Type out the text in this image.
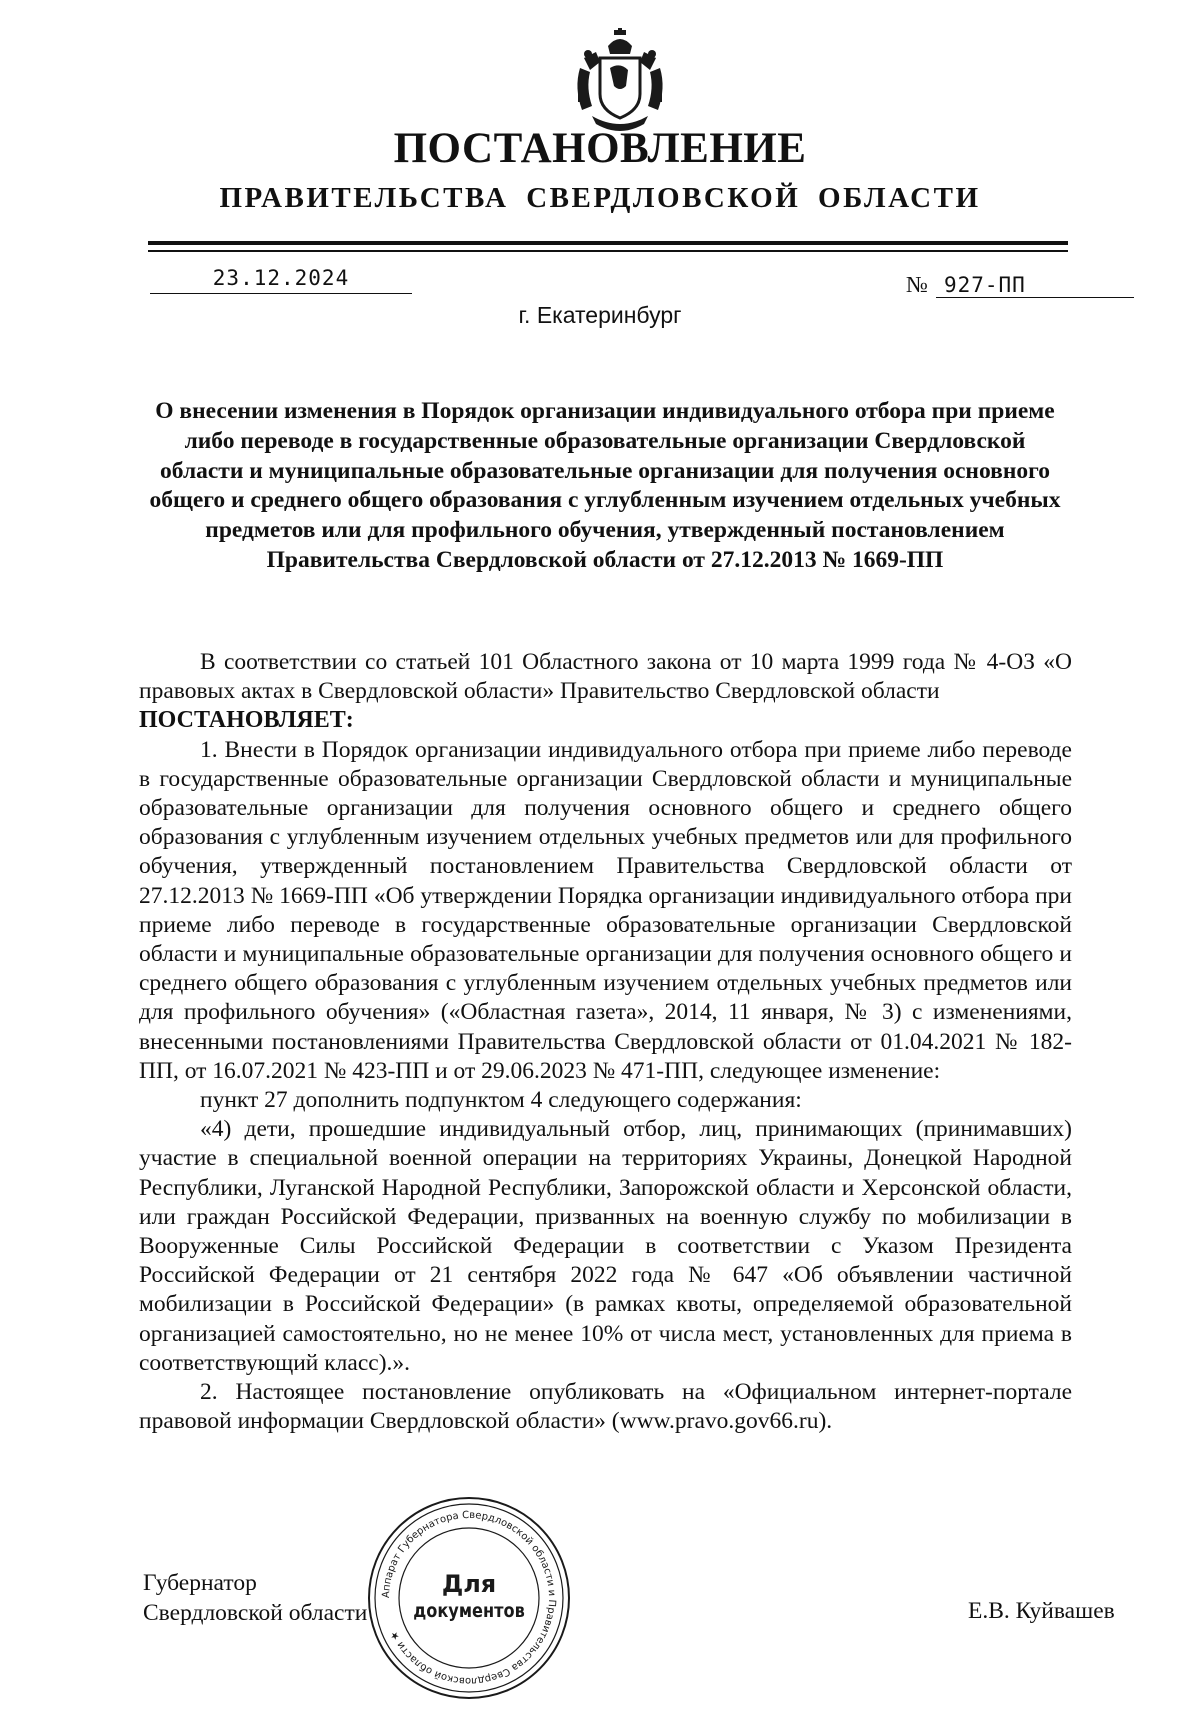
ПОСТАНОВЛЕНИЕ
ПРАВИТЕЛЬСТВА СВЕРДЛОВСКОЙ ОБЛАСТИ
23.12.2024	№ 927-ПП
г. Екатеринбург
О внесении изменения в Порядок организации индивидуального отбора при приеме либо переводе в государственные образовательные организации Свердловской области и муниципальные образовательные организации для получения основного общего и среднего общего образования с углубленным изучением отдельных учебных предметов или для профильного обучения, утвержденный постановлением Правительства Свердловской области от 27.12.2013 № 1669-ПП

В соответствии со статьей 101 Областного закона от 10 марта 1999 года № 4-ОЗ «О правовых актах в Свердловской области» Правительство Свердловской области

ПОСТАНОВЛЯЕТ:

1. Внести в Порядок организации индивидуального отбора при приеме либо переводе в государственные образовательные организации Свердловской области и муниципальные образовательные организации для получения основного общего и среднего общего образования с углубленным изучением отдельных учебных предметов или для профильного обучения, утвержденный постановлением Правительства Свердловской области от 27.12.2013 № 1669-ПП «Об утверждении Порядка организации индивидуального отбора при приеме либо переводе в государственные образовательные организации Свердловской области и муниципальные образовательные организации для получения основного общего и среднего общего образования с углубленным изучением отдельных учебных предметов или для профильного обучения» («Областная газета», 2014, 11 января, № 3) с изменениями, внесенными постановлениями Правительства Свердловской области от 01.04.2021 № 182-ПП, от 16.07.2021 № 423-ПП и от 29.06.2023 № 471-ПП, следующее изменение:

пункт 27 дополнить подпунктом 4 следующего содержания:

«4) дети, прошедшие индивидуальный отбор, лиц, принимающих (принимавших) участие в специальной военной операции на территориях Украины, Донецкой Народной Республики, Луганской Народной Республики, Запорожской области и Херсонской области, или граждан Российской Федерации, призванных на военную службу по мобилизации в Вооруженные Силы Российской Федерации в соответствии с Указом Президента Российской Федерации от 21 сентября 2022 года № 647 «Об объявлении частичной мобилизации в Российской Федерации» (в рамках квоты, определяемой образовательной организацией самостоятельно, но не менее 10% от числа мест, установленных для приема в соответствующий класс).».

2. Настоящее постановление опубликовать на «Официальном интернет-портале правовой информации Свердловской области» (www.pravo.gov66.ru).

Губернатор
Свердловской области	Е.В. Куйвашев
Аппарат Губернатора Свердловской области и Правительства Свердловской области ★
Для
документов
